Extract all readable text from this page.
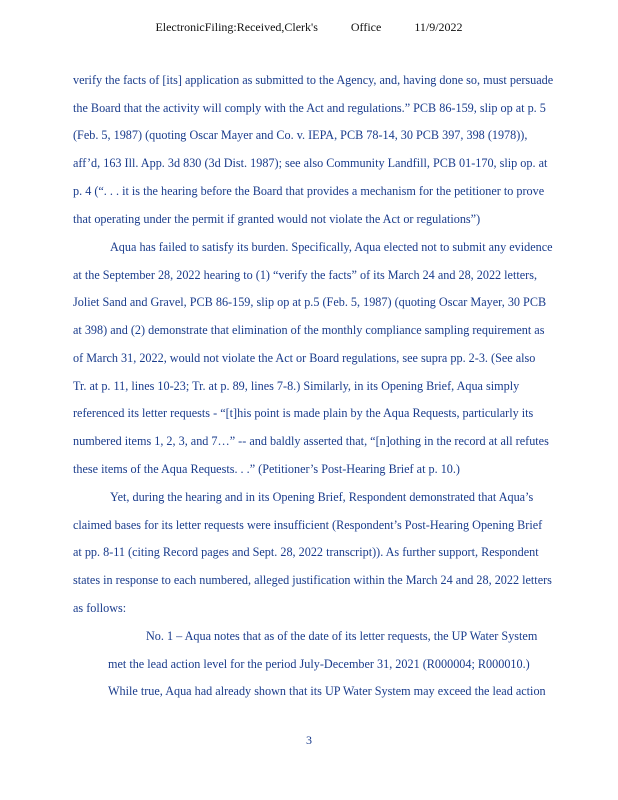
ElectronicFiling:Received,Clerk's	Office	11/9/2022
verify the facts of [its] application as submitted to the Agency, and, having done so, must persuade
the Board that the activity will comply with the Act and regulations.” PCB 86-159, slip op at p. 5
(Feb. 5, 1987) (quoting Oscar Mayer and Co. v. IEPA, PCB 78-14, 30 PCB 397, 398 (1978)),
aff’d, 163 Ill. App. 3d 830 (3d Dist. 1987); see also Community Landfill, PCB 01-170, slip op. at
p. 4 (“. . . it is the hearing before the Board that provides a mechanism for the petitioner to prove
that operating under the permit if granted would not violate the Act or regulations”)
Aqua has failed to satisfy its burden. Specifically, Aqua elected not to submit any evidence
at the September 28, 2022 hearing to (1) “verify the facts” of its March 24 and 28, 2022 letters,
Joliet Sand and Gravel, PCB 86-159, slip op at p.5 (Feb. 5, 1987) (quoting Oscar Mayer, 30 PCB
at 398) and (2) demonstrate that elimination of the monthly compliance sampling requirement as
of March 31, 2022, would not violate the Act or Board regulations, see supra pp. 2-3. (See also
Tr. at p. 11, lines 10-23; Tr. at p. 89, lines 7-8.) Similarly, in its Opening Brief, Aqua simply
referenced its letter requests - “[t]his point is made plain by the Aqua Requests, particularly its
numbered items 1, 2, 3, and 7…” -- and baldly asserted that, “[n]othing in the record at all refutes
these items of the Aqua Requests. . .” (Petitioner’s Post-Hearing Brief at p. 10.)
Yet, during the hearing and in its Opening Brief, Respondent demonstrated that Aqua’s
claimed bases for its letter requests were insufficient (Respondent’s Post-Hearing Opening Brief
at pp. 8-11 (citing Record pages and Sept. 28, 2022 transcript)). As further support, Respondent
states in response to each numbered, alleged justification within the March 24 and 28, 2022 letters
as follows:
No. 1 – Aqua notes that as of the date of its letter requests, the UP Water System
met the lead action level for the period July-December 31, 2021 (R000004; R000010.)
While true, Aqua had already shown that its UP Water System may exceed the lead action
3
